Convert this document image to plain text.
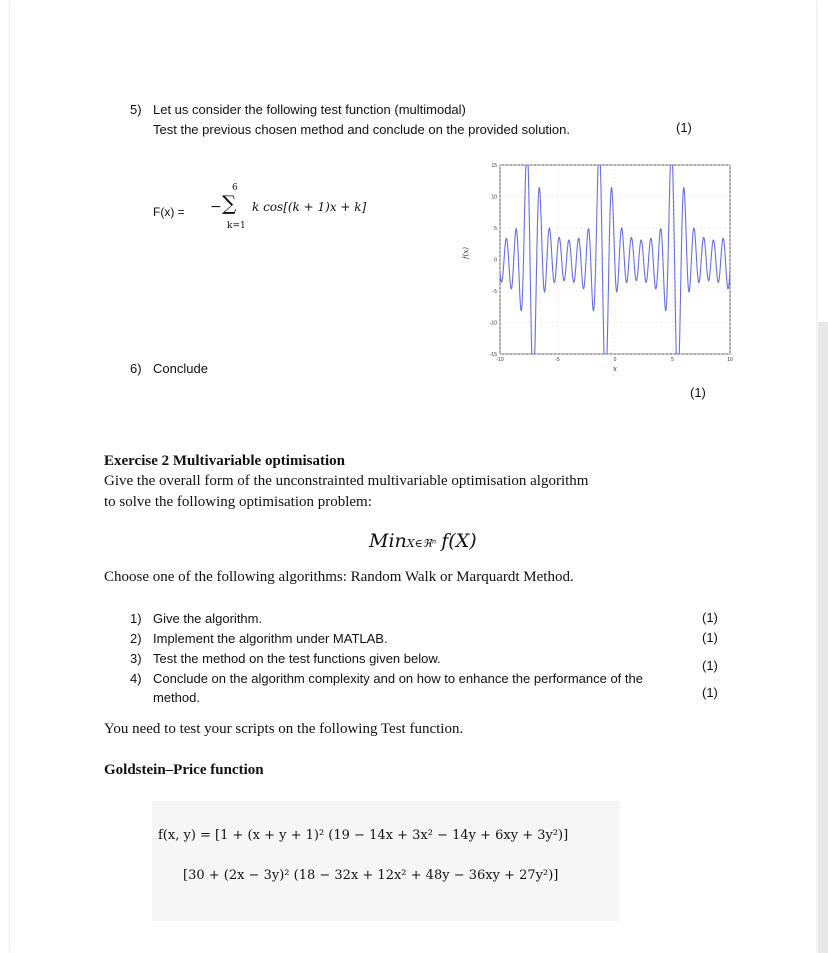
5) Let us consider the following test function (multimodal)
Test the previous chosen method and conclude on the provided solution.	(1)
F(x) = −
6
∑
k=1
k cos[(k + 1)x + k]
-15
-10
-5
0
5
10
15
-10	-5	0	5	10
f(x)
x
6) Conclude
(1)
Exercise 2 Multivariable optimisation
Give the overall form of the unconstrainted multivariable optimisation algorithm
to solve the following optimisation problem:
MinX∈ℜⁿ f(X)
Choose one of the following algorithms: Random Walk or Marquardt Method.
1) Give the algorithm.	(1)
2) Implement the algorithm under MATLAB.	(1)
3) Test the method on the test functions given below.	(1)
4) Conclude on the algorithm complexity and on how to enhance the performance of the
method.	(1)
You need to test your scripts on the following Test function.
Goldstein–Price function
f(x, y) = [1 + (x + y + 1)² (19 − 14x + 3x² − 14y + 6xy + 3y²)]
[30 + (2x − 3y)² (18 − 32x + 12x² + 48y − 36xy + 27y²)]
